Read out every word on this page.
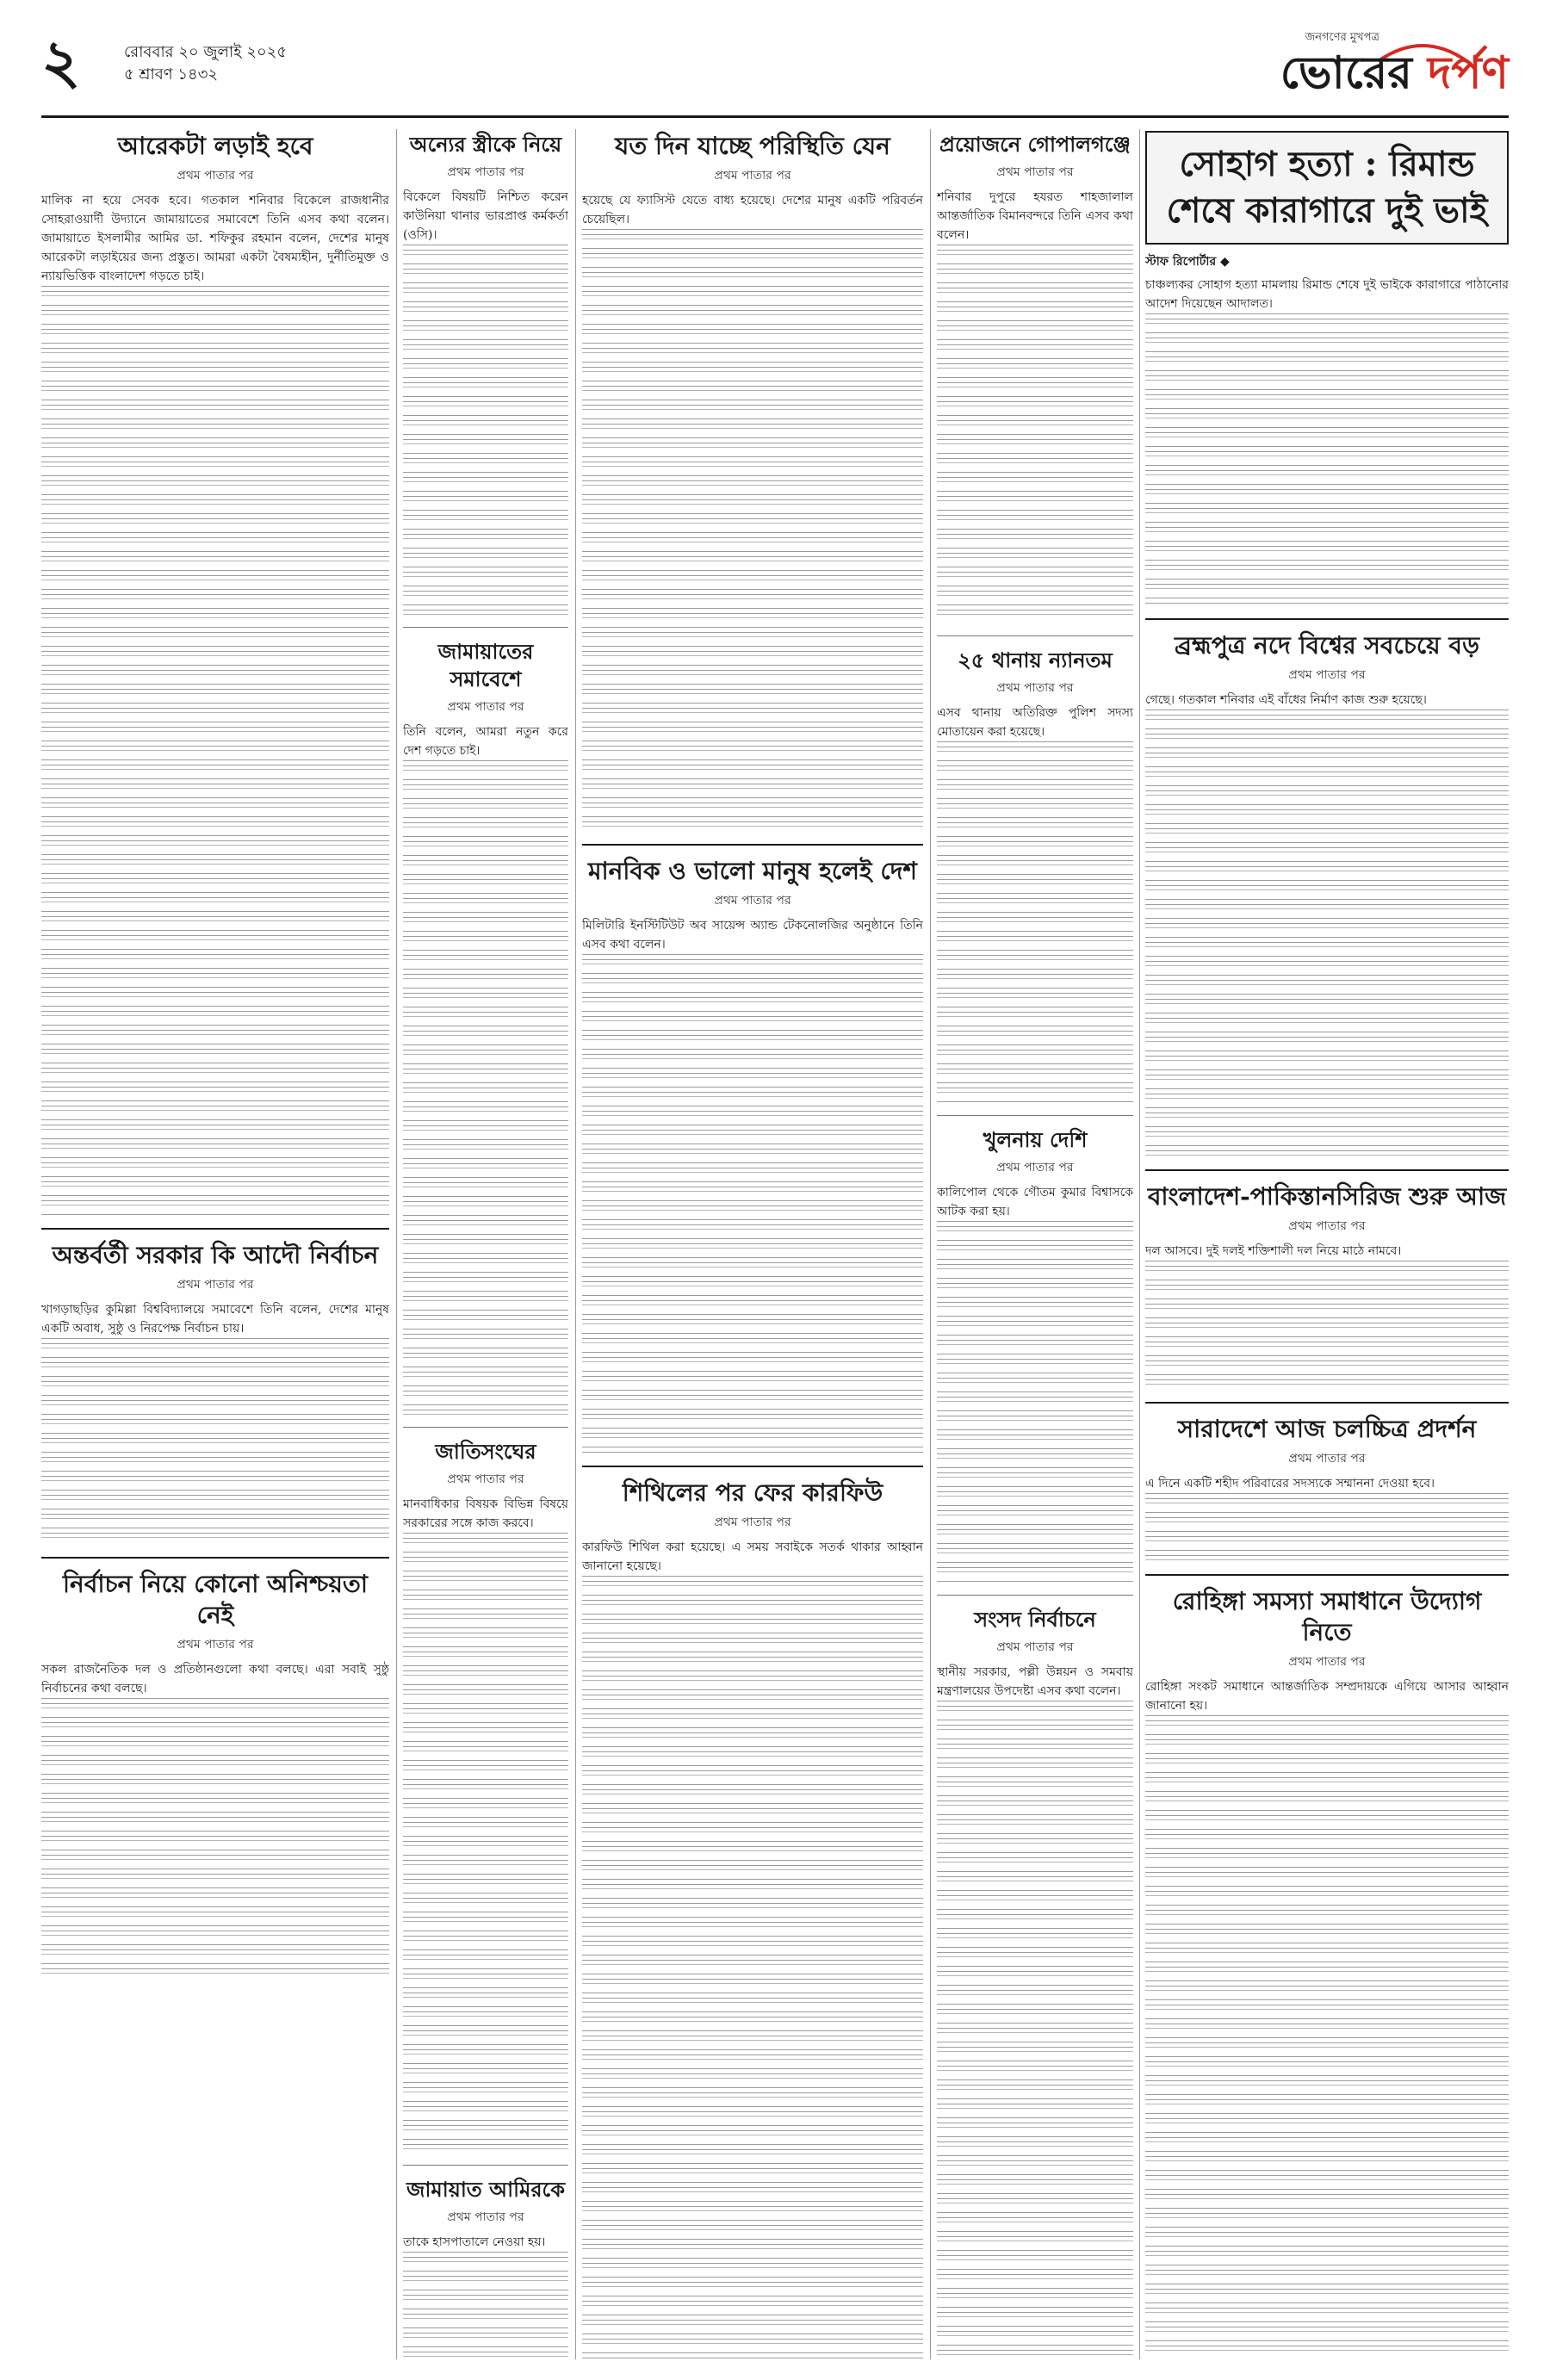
২	রোববার ২০ জুলাই ২০২৫
৫ শ্রাবণ ১৪৩২
জনগণের মুখপত্র
ভোরের দর্পণ
আরেকটা লড়াই হবে
প্রথম পাতার পর
মালিক না হয়ে সেবক হবে। গতকাল শনিবার বিকেলে রাজধানীর সোহরাওয়ার্দী উদ্যানে জামায়াতের সমাবেশে তিনি এসব কথা বলেন। জামায়াতে ইসলামীর আমির ডা. শফিকুর রহমান বলেন, দেশের মানুষ আরেকটা লড়াইয়ের জন্য প্রস্তুত। আমরা একটা বৈষম্যহীন, দুর্নীতিমুক্ত ও ন্যায়ভিত্তিক বাংলাদেশ গড়তে চাই।
অন্তর্বর্তী সরকার কি আদৌ নির্বাচন
প্রথম পাতার পর
খাগড়াছড়ির কুমিল্লা বিশ্ববিদ্যালয়ে সমাবেশে তিনি বলেন, দেশের মানুষ একটি অবাধ, সুষ্ঠু ও নিরপেক্ষ নির্বাচন চায়।
নির্বাচন নিয়ে কোনো অনিশ্চয়তা নেই
প্রথম পাতার পর
সকল রাজনৈতিক দল ও প্রতিষ্ঠানগুলো কথা বলছে। এরা সবাই সুষ্ঠু নির্বাচনের কথা বলছে।
অন্যের স্ত্রীকে নিয়ে
প্রথম পাতার পর
বিকেলে বিষয়টি নিশ্চিত করেন কাউনিয়া থানার ভারপ্রাপ্ত কর্মকর্তা (ওসি)।
জামায়াতের সমাবেশে
প্রথম পাতার পর
তিনি বলেন, আমরা নতুন করে দেশ গড়তে চাই।
জাতিসংঘের
প্রথম পাতার পর
মানবাধিকার বিষয়ক বিভিন্ন বিষয়ে সরকারের সঙ্গে কাজ করবে।
জামায়াত আমিরকে
প্রথম পাতার পর
তাকে হাসপাতালে নেওয়া হয়।
যত দিন যাচ্ছে পরিস্থিতি যেন
প্রথম পাতার পর
হয়েছে যে ফ্যাসিস্ট যেতে বাধ্য হয়েছে। দেশের মানুষ একটি পরিবর্তন চেয়েছিল।
মানবিক ও ভালো মানুষ হলেই দেশ
প্রথম পাতার পর
মিলিটারি ইনস্টিটিউট অব সায়েন্স অ্যান্ড টেকনোলজির অনুষ্ঠানে তিনি এসব কথা বলেন।
শিথিলের পর ফের কারফিউ
প্রথম পাতার পর
কারফিউ শিথিল করা হয়েছে। এ সময় সবাইকে সতর্ক থাকার আহ্বান জানানো হয়েছে।
প্রয়োজনে গোপালগঞ্জে
প্রথম পাতার পর
শনিবার দুপুরে হযরত শাহজালাল আন্তর্জাতিক বিমানবন্দরে তিনি এসব কথা বলেন।
২৫ থানায় ন্যানতম
প্রথম পাতার পর
এসব থানায় অতিরিক্ত পুলিশ সদস্য মোতায়েন করা হয়েছে।
খুলনায় দেশি
প্রথম পাতার পর
কালিপোল থেকে গৌতম কুমার বিশ্বাসকে আটক করা হয়।
সংসদ নির্বাচনে
প্রথম পাতার পর
স্থানীয় সরকার, পল্লী উন্নয়ন ও সমবায় মন্ত্রণালয়ের উপদেষ্টা এসব কথা বলেন।
সোহাগ হত্যা : রিমান্ড শেষে কারাগারে দুই ভাই
স্টাফ রিপোর্টার ◆
চাঞ্চল্যকর সোহাগ হত্যা মামলায় রিমান্ড শেষে দুই ভাইকে কারাগারে পাঠানোর আদেশ দিয়েছেন আদালত।
ব্রহ্মপুত্র নদে বিশ্বের সবচেয়ে বড়
প্রথম পাতার পর
গেছে। গতকাল শনিবার এই বাঁধের নির্মাণ কাজ শুরু হয়েছে।
বাংলাদেশ-পাকিস্তানসিরিজ শুরু আজ
প্রথম পাতার পর
দল আসবে। দুই দলই শক্তিশালী দল নিয়ে মাঠে নামবে।
সারাদেশে আজ চলচ্চিত্র প্রদর্শন
প্রথম পাতার পর
এ দিনে একটি শহীদ পরিবারের সদস্যকে সম্মাননা দেওয়া হবে।
রোহিঙ্গা সমস্যা সমাধানে উদ্যোগ নিতে
প্রথম পাতার পর
রোহিঙ্গা সংকট সমাধানে আন্তর্জাতিক সম্প্রদায়কে এগিয়ে আসার আহ্বান জানানো হয়।
